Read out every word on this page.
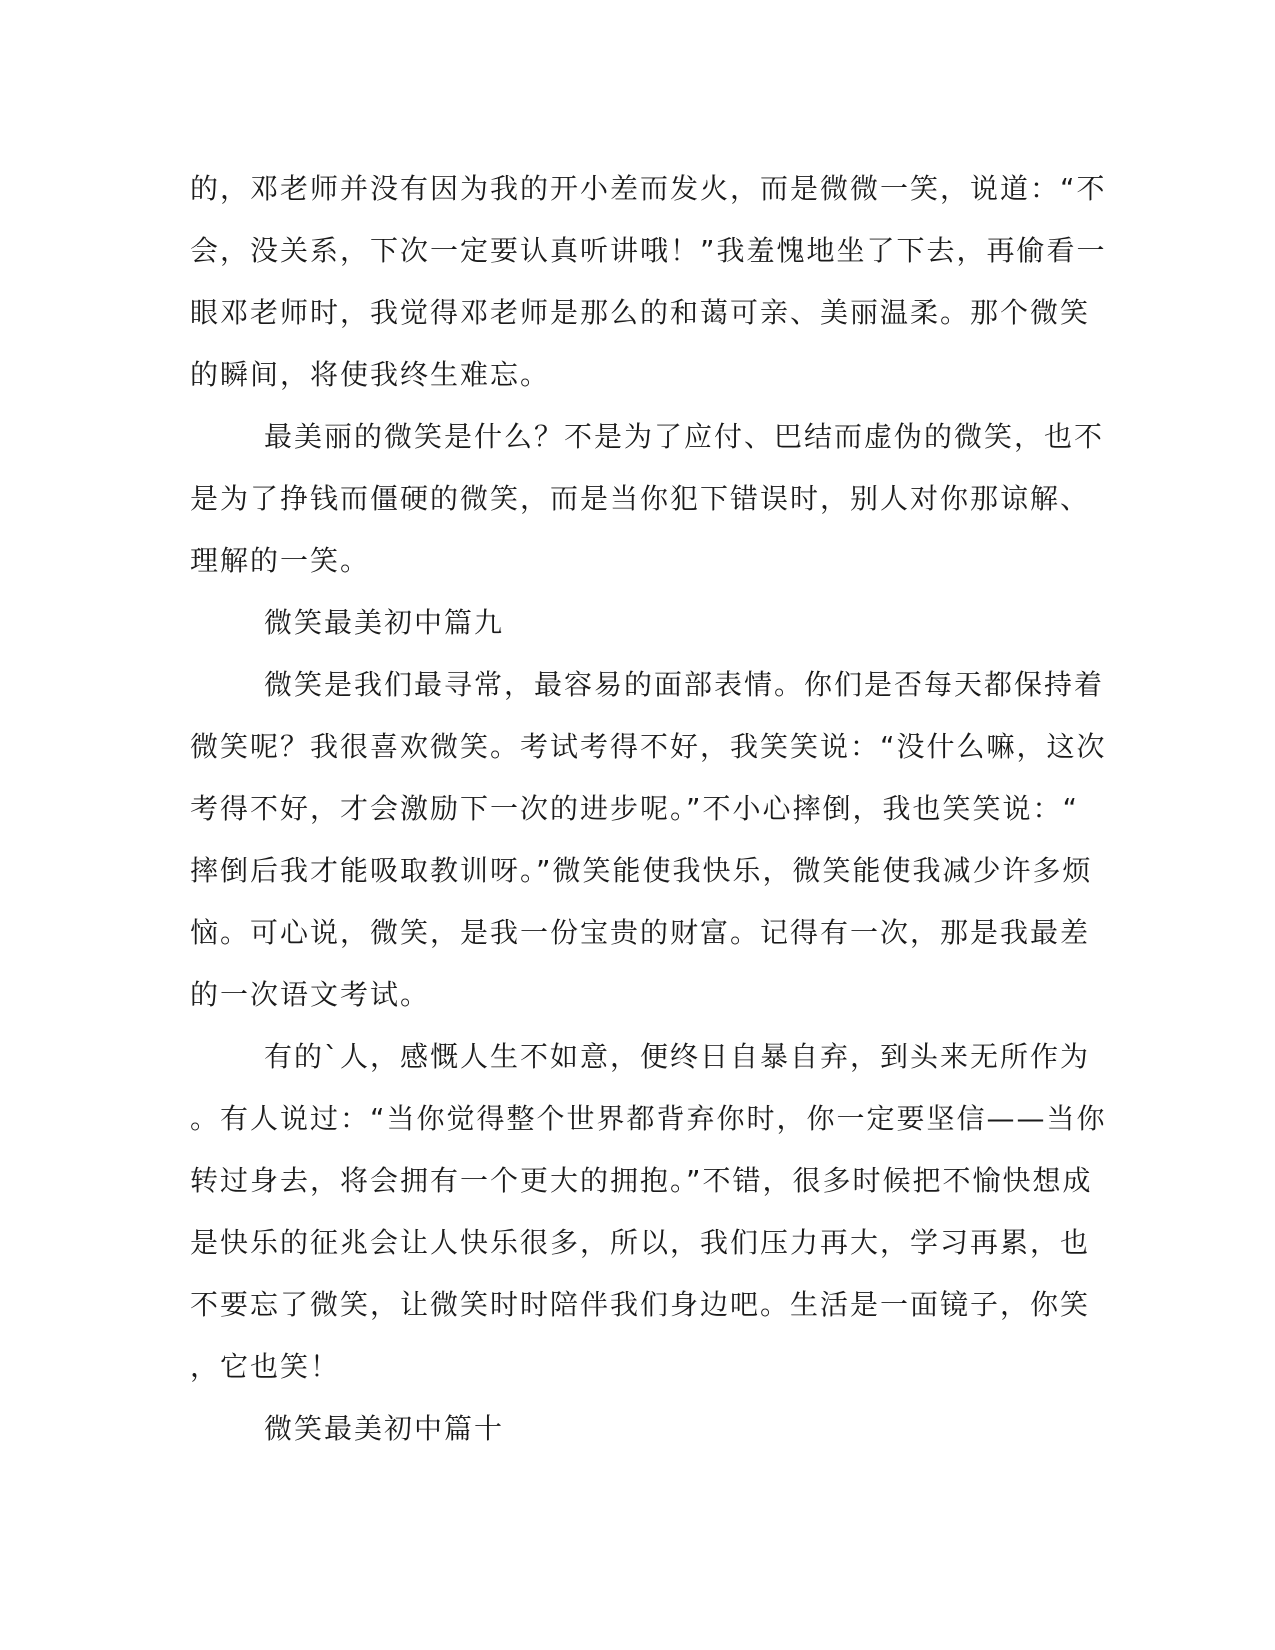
的，邓老师并没有因为我的开小差而发火，而是微微一笑，说道：“不
会，没关系，下次一定要认真听讲哦！”我羞愧地坐了下去，再偷看一
眼邓老师时，我觉得邓老师是那么的和蔼可亲、美丽温柔。那个微笑
的瞬间，将使我终生难忘。
最美丽的微笑是什么？不是为了应付、巴结而虚伪的微笑，也不
是为了挣钱而僵硬的微笑，而是当你犯下错误时，别人对你那谅解、
理解的一笑。
微笑最美初中篇九
微笑是我们最寻常，最容易的面部表情。你们是否每天都保持着
微笑呢？我很喜欢微笑。考试考得不好，我笑笑说：“没什么嘛，这次
考得不好，才会激励下一次的进步呢。”不小心摔倒，我也笑笑说：“
摔倒后我才能吸取教训呀。”微笑能使我快乐，微笑能使我减少许多烦
恼。可心说，微笑，是我一份宝贵的财富。记得有一次，那是我最差
的一次语文考试。
有的`人，感慨人生不如意，便终日自暴自弃，到头来无所作为
。有人说过：“当你觉得整个世界都背弃你时，你一定要坚信——当你
转过身去，将会拥有一个更大的拥抱。”不错，很多时候把不愉快想成
是快乐的征兆会让人快乐很多，所以，我们压力再大，学习再累，也
不要忘了微笑，让微笑时时陪伴我们身边吧。生活是一面镜子，你笑
，它也笑！
微笑最美初中篇十
